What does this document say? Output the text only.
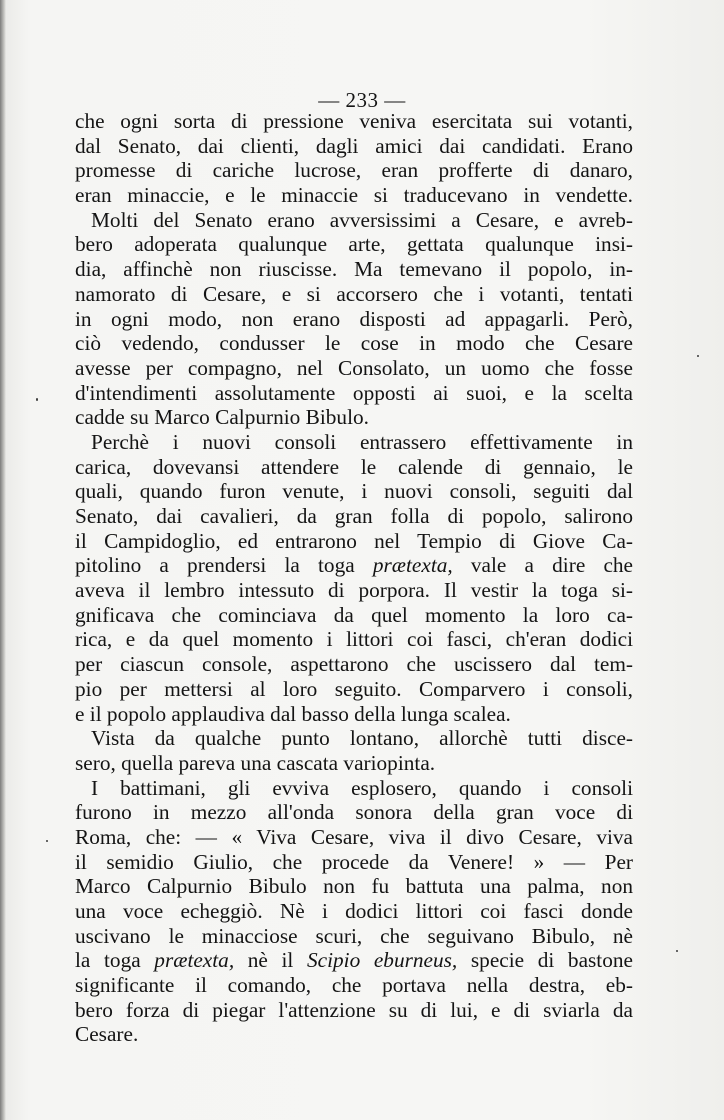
— 233 —
che ogni sorta di pressione veniva esercitata sui votanti,
dal Senato, dai clienti, dagli amici dai candidati. Erano
promesse di cariche lucrose, eran profferte di danaro,
eran minaccie, e le minaccie si traducevano in vendette.
Molti del Senato erano avversissimi a Cesare, e avreb-
bero adoperata qualunque arte, gettata qualunque insi-
dia, affinchè non riuscisse. Ma temevano il popolo, in-
namorato di Cesare, e si accorsero che i votanti, tentati
in ogni modo, non erano disposti ad appagarli. Però,
ciò vedendo, condusser le cose in modo che Cesare
avesse per compagno, nel Consolato, un uomo che fosse
d'intendimenti assolutamente opposti ai suoi, e la scelta
cadde su Marco Calpurnio Bibulo.
Perchè i nuovi consoli entrassero effettivamente in
carica, dovevansi attendere le calende di gennaio, le
quali, quando furon venute, i nuovi consoli, seguiti dal
Senato, dai cavalieri, da gran folla di popolo, salirono
il Campidoglio, ed entrarono nel Tempio di Giove Ca-
pitolino a prendersi la toga prætexta, vale a dire che
aveva il lembro intessuto di porpora. Il vestir la toga si-
gnificava che cominciava da quel momento la loro ca-
rica, e da quel momento i littori coi fasci, ch'eran dodici
per ciascun console, aspettarono che uscissero dal tem-
pio per mettersi al loro seguito. Comparvero i consoli,
e il popolo applaudiva dal basso della lunga scalea.
Vista da qualche punto lontano, allorchè tutti disce-
sero, quella pareva una cascata variopinta.
I battimani, gli evviva esplosero, quando i consoli
furono in mezzo all'onda sonora della gran voce di
Roma, che: — « Viva Cesare, viva il divo Cesare, viva
il semidio Giulio, che procede da Venere! » — Per
Marco Calpurnio Bibulo non fu battuta una palma, non
una voce echeggiò. Nè i dodici littori coi fasci donde
uscivano le minacciose scuri, che seguivano Bibulo, nè
la toga prætexta, nè il Scipio eburneus, specie di bastone
significante il comando, che portava nella destra, eb-
bero forza di piegar l'attenzione su di lui, e di sviarla da
Cesare.
